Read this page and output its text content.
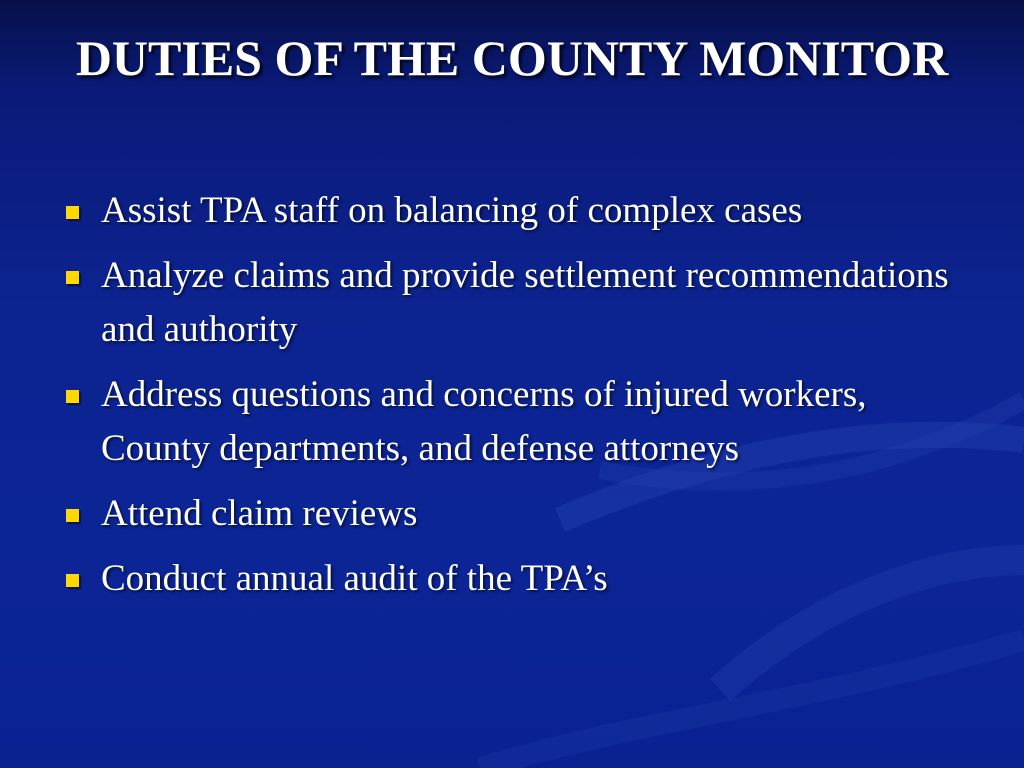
DUTIES OF THE COUNTY MONITOR
Assist TPA staff on balancing of complex cases
Analyze claims and provide settlement recommendations and authority
Address questions and concerns of injured workers, County departments, and defense attorneys
Attend claim reviews
Conduct annual audit of the TPA’s
